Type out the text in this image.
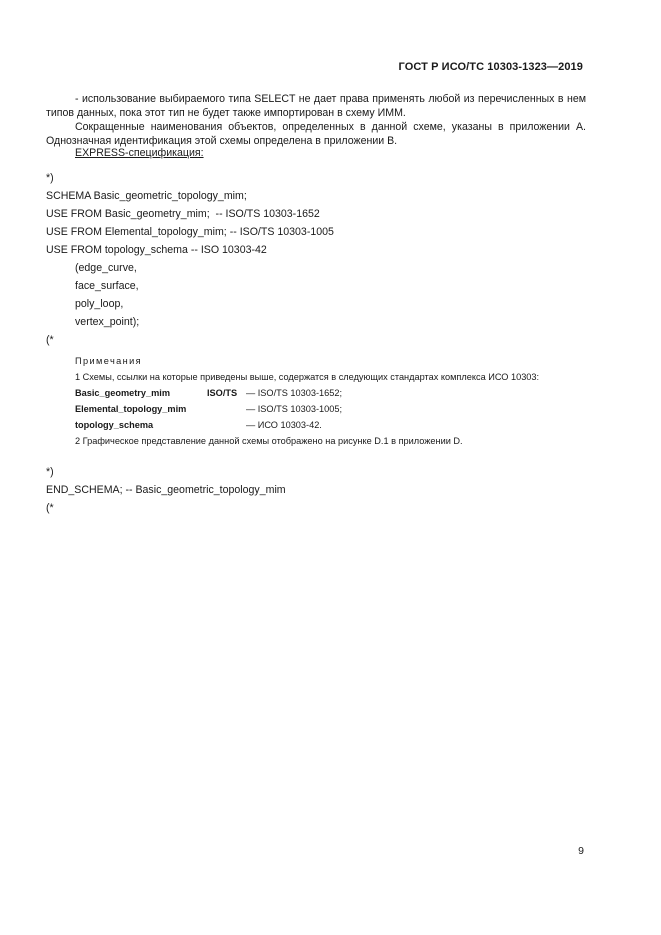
ГОСТ Р ИСО/ТС 10303-1323—2019
- использование выбираемого типа SELECT не дает права применять любой из перечисленных в нем типов данных, пока этот тип не будет также импортирован в схему ИММ.
Сокращенные наименования объектов, определенных в данной схеме, указаны в приложении А. Однозначная идентификация этой схемы определена в приложении В.
EXPRESS-спецификация:
*)
SCHEMA Basic_geometric_topology_mim;
USE FROM Basic_geometry_mim;  -- ISO/TS 10303-1652
USE FROM Elemental_topology_mim; -- ISO/TS 10303-1005
USE FROM topology_schema -- ISO 10303-42
(edge_curve,
face_surface,
poly_loop,
vertex_point);
(*
Примечания
1 Схемы, ссылки на которые приведены выше, содержатся в следующих стандартах комплекса ИСО 10303:
Basic_geometry_mim	ISO/TS — ISO/TS 10303-1652;
Elemental_topology_mim	— ISO/TS 10303-1005;
topology_schema	— ИСО 10303-42.
2 Графическое представление данной схемы отображено на рисунке D.1 в приложении D.
*)
END_SCHEMA; -- Basic_geometric_topology_mim
(*
9
